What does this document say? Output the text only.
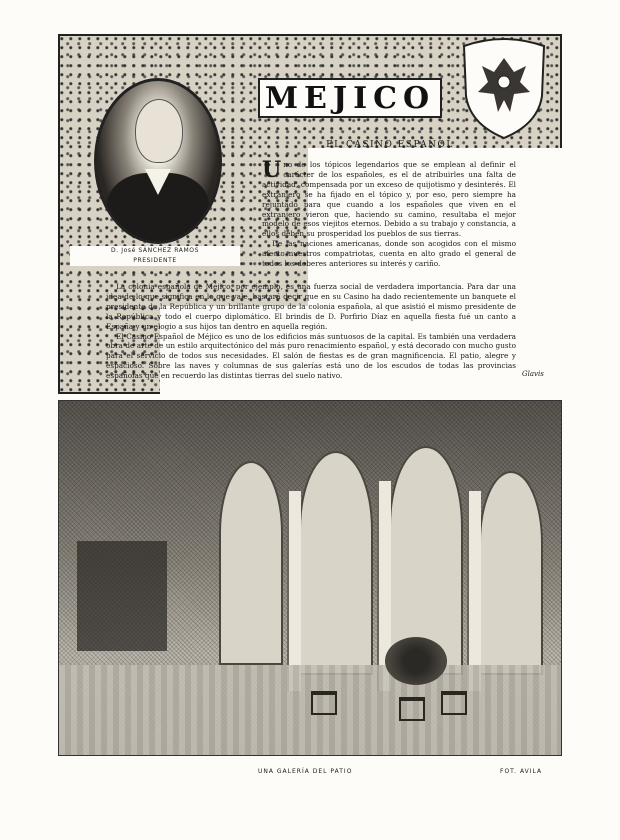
D. José SÁNCHEZ RAMOS
PRESIDENTE
MEJICO
EL CASINO ESPAÑOL

Uno de los tópicos legendarios que se emplean al definir el carácter de los españoles, es el de atribuirles una falta de actividad, compensada por un exceso de quijotismo y desinterés. El extranjero se ha fijado en el tópico y, por eso, pero siempre ha rejuntado para que cuando a los españoles que viven en el extranjero vieron que, haciendo su camino, resultaba el mejor modelo de esos viejitos eternos. Debido a su trabajo y constancia, a ellos deben su prosperidad los pueblos de sus tierras.

De las naciones americanas, donde son acogidos con el mismo afecto nuestros compatriotas, cuenta en alto grado el general de todos los deberes anteriores su interés y cariño.

La colonia española de Méjico, por ejemplo, es una fuerza social de verdadera importancia. Para dar una idea de lo que significa en lo que vale, bastará decir que en su Casino ha dado recientemente un banquete el presidente de la República y un brillante grupo de la colonia española, al que asistió el mismo presidente de la República y todo el cuerpo diplomático. El brindis de D. Porfirio Díaz en aquella fiesta fué un canto a España y un elogio a sus hijos tan dentro en aquella región.

El Casino Español de Méjico es uno de los edificios más suntuosos de la capital. Es también una verdadera obra de arte de un estilo arquitectónico del más puro renacimiento español, y está decorado con mucho gusto para el servicio de todos sus necesidades. El salón de fiestas es de gran magnificencia. El patio, alegre y espacioso. Sobre las naves y columnas de sus galerías está uno de los escudos de todas las provincias españolas que en recuerdo las distintas tierras del suelo nativo.	Glavis
UNA GALERÍA DEL PATIO	FOT. AVILA
